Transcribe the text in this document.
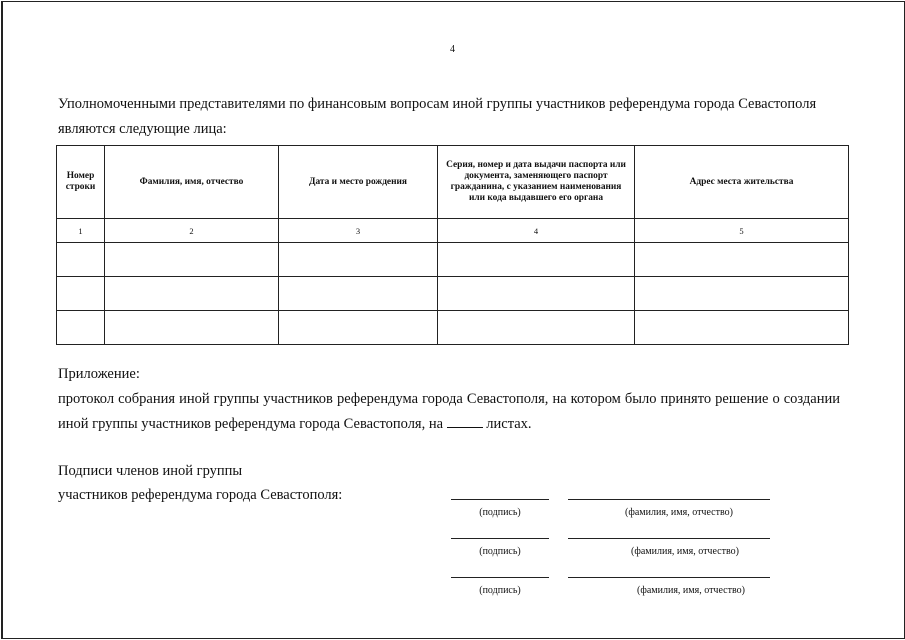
4
Уполномоченными представителями по финансовым вопросам иной группы участников референдума города Севастополя являются следующие лица:
Номер строки	Фамилия, имя, отчество	Дата и место рождения	Серия, номер и дата выдачи паспорта или документа, заменяющего паспорт гражданина, с указанием наименования или кода выдавшего его органа	Адрес места жительства
1	2	3	4	5

Приложение:
протокол собрания иной группы участников референдума города Севастополя, на котором было принято решение о создании иной группы участников референдума города Севастополя, на	листах.
Подписи членов иной группы
участников референдума города Севастополя:
(подпись)	(фамилия, имя, отчество)
(подпись)	(фамилия, имя, отчество)
(подпись)	(фамилия, имя, отчество)
